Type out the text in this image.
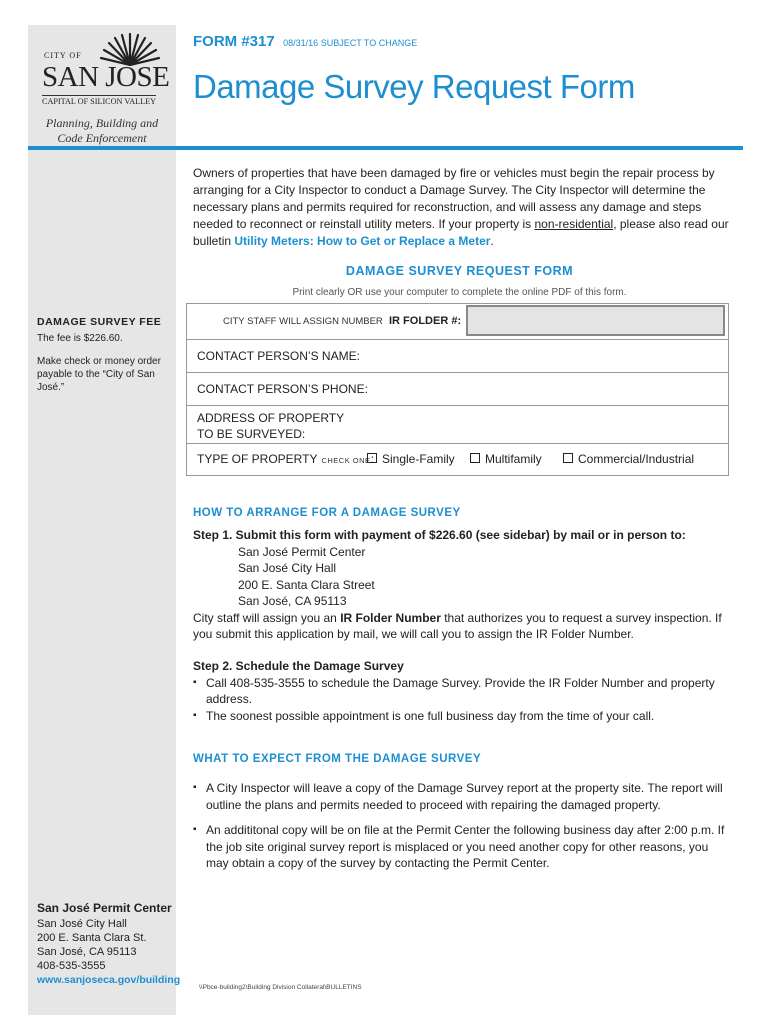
CITY OF
SAN JOSE
CAPITAL OF SILICON VALLEY
Planning, Building and
Code Enforcement
DAMAGE SURVEY FEE
The fee is $226.60.
Make check or money order payable to the “City of San José.”
San José Permit Center
San José City Hall
200 E. Santa Clara St.
San José, CA 95113
408-535-3555
www.sanjoseca.gov/building
FORM #317 08/31/16 SUBJECT TO CHANGE
Damage Survey Request Form
Owners of properties that have been damaged by fire or vehicles must begin the repair process by arranging for a City Inspector to conduct a Damage Survey. The City Inspector will determine the necessary plans and permits required for reconstruction, and will assess any damage and steps needed to reconnect or reinstall utility meters. If your property is non-residential, please also read our bulletin Utility Meters: How to Get or Replace a Meter.
DAMAGE SURVEY REQUEST FORM
Print clearly OR use your computer to complete the online PDF of this form.
CITY STAFF WILL ASSIGN NUMBER IR FOLDER #:
CONTACT PERSON’S NAME:
CONTACT PERSON’S PHONE:
ADDRESS OF PROPERTY
TO BE SURVEYED:
TYPE OF PROPERTY CHECK ONE: Single-Family	Multifamily	Commercial/Industrial
HOW TO ARRANGE FOR A DAMAGE SURVEY
Step 1. Submit this form with payment of $226.60 (see sidebar) by mail or in person to:
San José Permit Center
San José City Hall
200 E. Santa Clara Street
San José, CA 95113
City staff will assign you an IR Folder Number that authorizes you to request a survey inspection. If you submit this application by mail, we will call you to assign the IR Folder Number.
Step 2. Schedule the Damage Survey
▪ Call 408-535-3555 to schedule the Damage Survey. Provide the IR Folder Number and property address.
▪ The soonest possible appointment is one full business day from the time of your call.
WHAT TO EXPECT FROM THE DAMAGE SURVEY
▪ A City Inspector will leave a copy of the Damage Survey report at the property site. The report will outline the plans and permits needed to proceed with repairing the damaged property.
▪ An addititonal copy will be on file at the Permit Center the following business day after 2:00 p.m. If the job site original survey report is misplaced or you need another copy for other reasons, you may obtain a copy of the survey by contacting the Permit Center.
\\Pbce-building2\Building Division Collateral\BULLETINS
